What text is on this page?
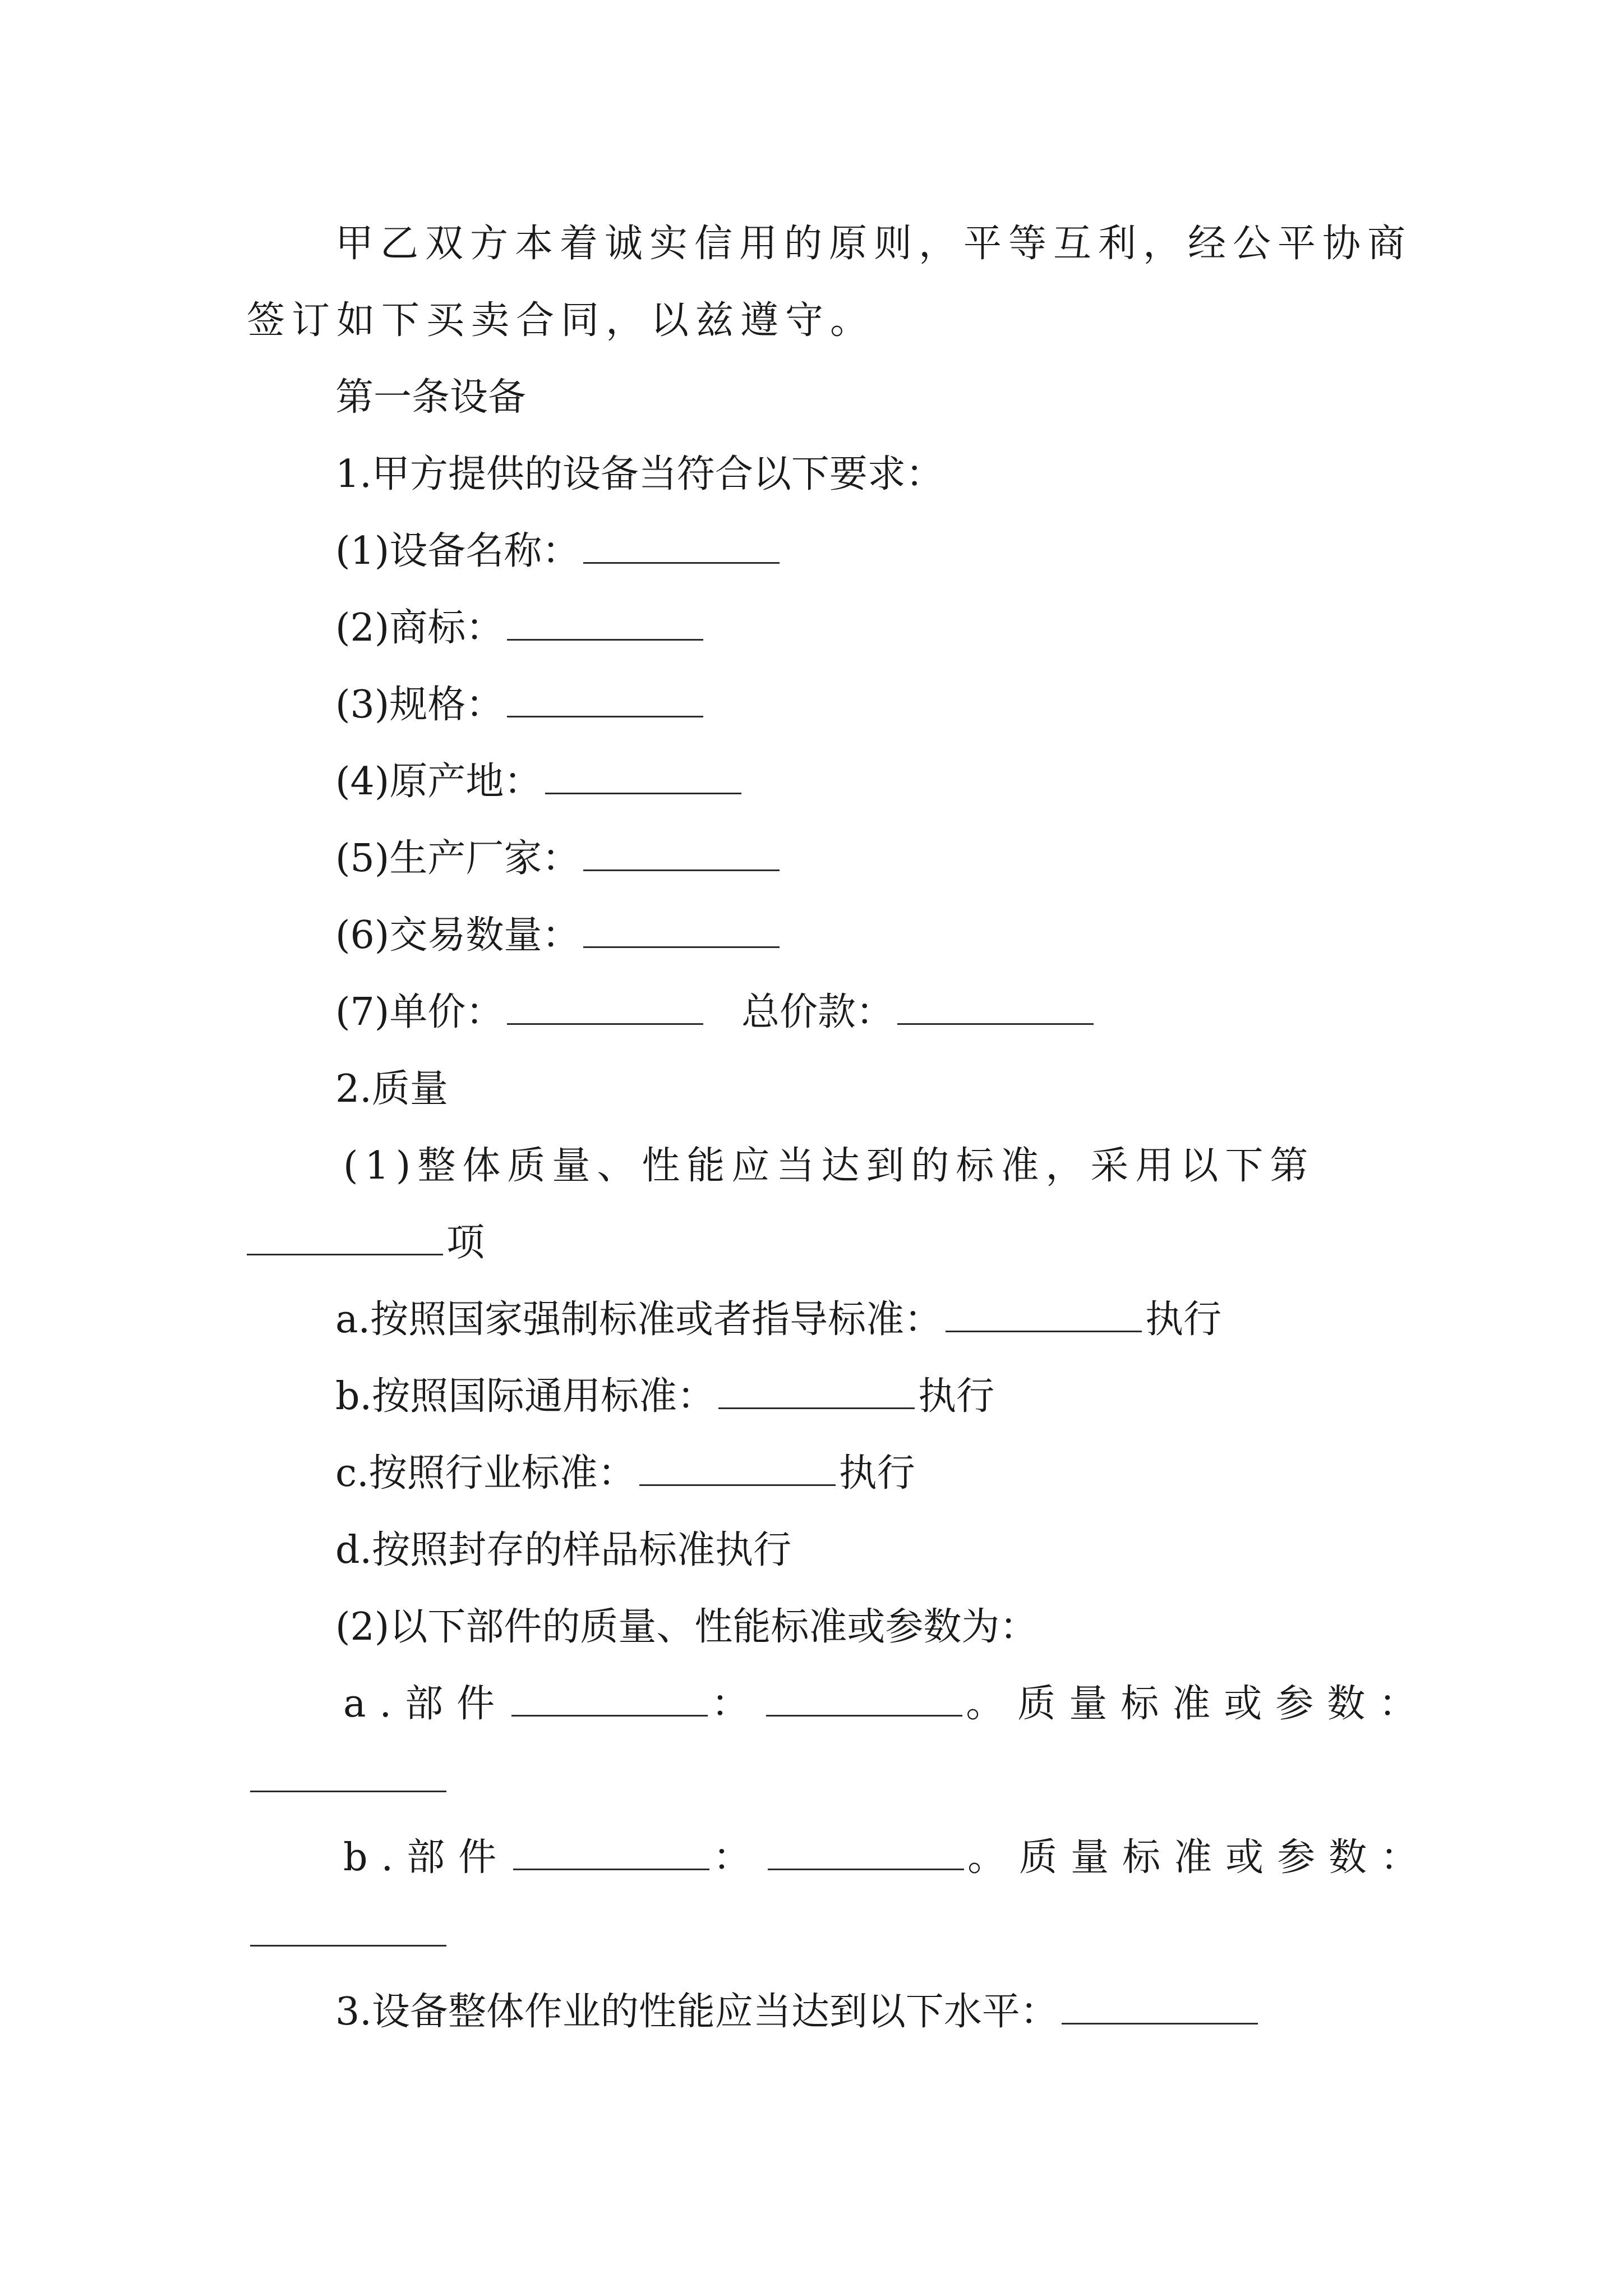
甲乙双方本着诚实信用的原则，平等互利，经公平协商
签订如下买卖合同，以兹遵守。
第一条设备
1.甲方提供的设备当符合以下要求：
(1)设备名称：
(2)商标：
(3)规格：
(4)原产地：
(5)生产厂家：
(6)交易数量：
(7)单价：	总价款：
2.质量
(1)整体质量、性能应当达到的标准，采用以下第
项
a.按照国家强制标准或者指导标准：	执行
b.按照国际通用标准：	执行
c.按照行业标准：	执行
d.按照封存的样品标准执行
(2)以下部件的质量、性能标准或参数为：
a.部件	：	。质量标准或参数：
b.部件	：	。质量标准或参数：
3.设备整体作业的性能应当达到以下水平：
